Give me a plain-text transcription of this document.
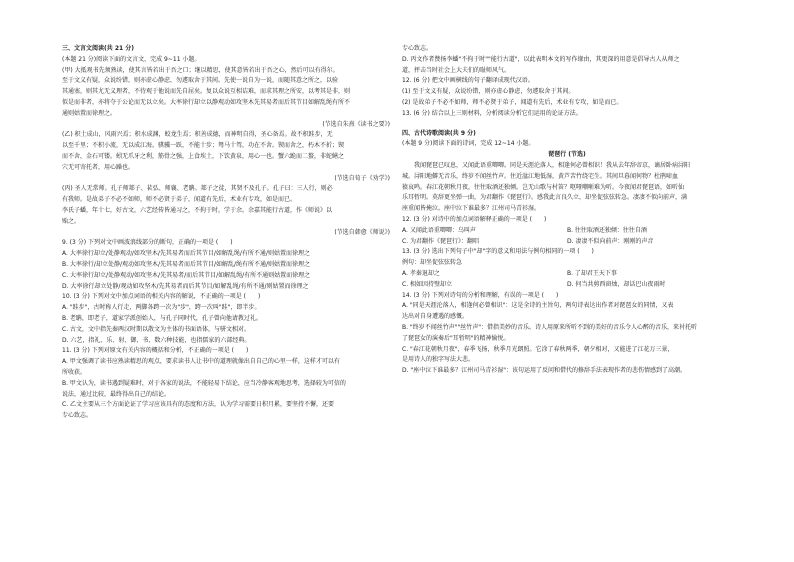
三、文言文阅读(共 21 分)
(本题 21 分)阅读下面的文言文，完成 9~11 小题。
(甲) 大抵观书先须熟读，使其言皆若出于吾之口；继以精思，使其意皆若出于吾之心，然后可以有得尔。
至于文义有疑，众说纷错，则亦虚心静虑，勿遽取舍于其间。先使一说自为一说，而随其意之所之，以验
其通塞，则其尤无义理者，不待观于他说而先自屈矣。复以众说互相诘难，而求其理之所安，以考其是非，则
似是而非者，亦将夺于公论而无以立矣。大率徐行却立以静观动如攻坚木先其易者而后其节目如解乱绳有所不
通则姑置而徐理之。
(节选自朱熹《读书之要》)
(乙) 积土成山，风雨兴焉；积水成渊，蛟龙生焉；积善成德，而神明自得，圣心备焉。故不积跬步，无
以至千里；不积小流，无以成江海。骐骥一跃，不能十步；驽马十驾，功在不舍。锲而舍之，朽木不折；锲
而不舍，金石可镂。蚓无爪牙之利，筋骨之强，上食埃土，下饮黄泉，用心一也。蟹六跪而二螯，非蛇鳝之
穴无可寄托者，用心躁也。
(节选自荀子《劝学》)
(丙) 圣人无常师。孔子师郯子、苌弘、师襄、老聃。郯子之徒，其贤不及孔子。孔子曰：三人行，则必
有我师。是故弟子不必不如师，师不必贤于弟子，闻道有先后，术业有专攻，如是而已。
李氏子蟠，年十七，好古文，六艺经传皆通习之，不拘于时，学于余。余嘉其能行古道，作《师说》以
贻之。
(节选自韩愈《师说》)
9. (3 分) 下列对文中画波浪线部分的断句，正确的一项是 (　　)
A. 大率徐行却立/处静观动/如攻坚木/先其易者而后其节目/如解乱绳/有所不通/则姑置而徐理之
B. 大率徐行/却立处静/观动如攻坚木/先其易者而后其节目/如解乱/绳有所不通/则姑置而徐理之
C. 大率徐行却立/处静观动/如攻坚木/先其易者/而后其节目/如解乱绳/有所不通则姑置而徐理之
D. 大率徐行却立处静/观动如攻坚木/先其易者而后其节目/如解乱绳/有所不通/则姑置而徐理之
10. (3 分) 下列对文中加点词语的相关内容的解说，不正确的一项是 (　　)
A. "跬步"，古时称人行走，两脚各跨一次为"步"，跨一次叫"跬"，即半步。
B. 老聃，即老子，道家学派创始人，与孔子同时代，孔子曾向他请教过礼。
C. 古文，文中指先秦两汉时期以散文为主体的书面语体，与骈文相对。
D. 六艺，指礼、乐、射、御、书、数六种技能，也指儒家的六部经典。
11. (3 分) 下列对原文有关内容的概括和分析，不正确的一项是 (　　)
A. 甲文强调了读书应熟读精思的观点，要求读书人让书中的道理就像出自自己的心里一样，这样才可以有
所收获。
B. 甲文认为，读书遇到疑难时，对于各家的说法，不能轻易下结论，应当冷静客观地思考，选择较为可信的
说法，通过比较，最终得出自己的结论。
C. 乙文主要从三个方面论证了学习应该具有的态度和方法，认为学习需要日积月累，要坚持不懈，还要
专心致志。
专心致志。
D. 丙文作者赞扬李蟠"不拘于时""能行古道"，以此表明本文的写作缘由，其更深的用意是倡导古人从师之
道，抨击当时社会上大夫们的耻师风气。
12. (6 分) 把文中画横线的句子翻译成现代汉语。
(1) 至于文义有疑，众说纷错，则亦虚心静虑，勿遽取舍于其间。
(2) 是故弟子不必不如师，师不必贤于弟子，闻道有先后，术业有专攻，如是而已。
13. (6 分) 结合以上三则材料，分析阅读分析它们运用的论证方法。
四、古代诗歌阅读(共 9 分)
(本题 9 分)阅读下面的诗词，完成 12~14 小题。
琵琶行 (节选)
我闻琵琶已叹息，又闻此语重唧唧。同是天涯沦落人，相逢何必曾相识！我从去年辞帝京，谪居卧病浔阳
城。浔阳地僻无音乐，终岁不闻丝竹声。住近湓江地低湿，黄芦苦竹绕宅生。其间旦暮闻何物？杜鹃啼血
猿哀鸣。春江花朝秋月夜，往往取酒还独倾。岂无山歌与村笛？呕哑嘲哳难为听。今夜闻君琵琶语，如听仙
乐耳暂明。莫辞更坐弹一曲，为君翻作《琵琶行》。感我此言良久立，却坐促弦弦转急。凄凄不似向前声，满
座重闻皆掩泣。座中泣下谁最多？江州司马青衫湿。
12. (3 分) 对诗中的加点词语解释正确的一项是 (　　)
A. 又闻此语重唧唧：乌叫声	B. 往往取酒还独倾：往往自酒
C. 为君翻作《琵琶行》：翻唱	D. 凄凄不似向前声：刚刚的声音
13. (3 分) 选出下列句子中"却"字的意义和用法与例句相同的一项 (　　)
例句：却坐促弦弦转急
A. 孝秦退却之	B. 了却君王天下事
C. 相如因持璧却立	D. 何当共剪西窗烛，却话巴山夜雨时
14. (3 分) 下列对诗句的分析和理解，有误的一项是 (　　)
A. "同是天涯沦落人，相逢何必曾相识"：这是全诗的主旨句，两句诗表达出作者对琵琶女的同情，又表
达出对自身遭遇的感慨。
B. "终岁不闻丝竹声""丝竹声"：借指美妙的音乐。诗人用原来所听不到的美好的音乐令人心醉的音乐，来衬托听
了琵琶女的演奏后"耳暂明"的精神愉悦。
C. "春江花朝秋月夜"，春季飞扬，秋季月光朗照。它涂了春秋两季，朝夕相对，又能进了江花万三景，
是用诗人的独字写法大悲。
D. "座中泣下谁最多？江州司马青衫湿"：该句运用了反问和借代的修辞手法表现作者的悲伤情感到了高潮。
